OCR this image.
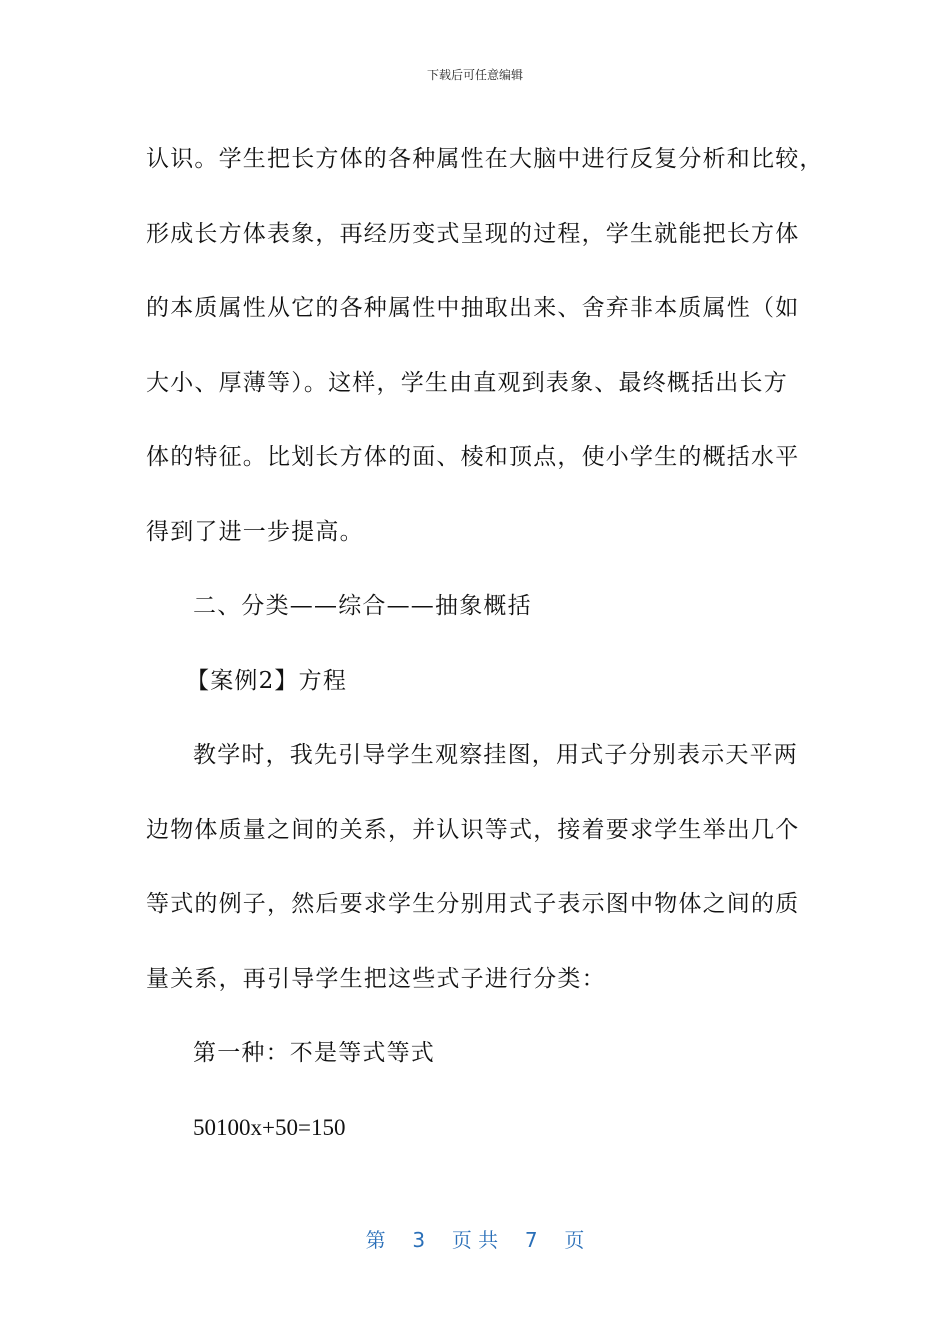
下载后可任意编辑
认识。学生把长方体的各种属性在大脑中进行反复分析和比较，
形成长方体表象，再经历变式呈现的过程，学生就能把长方体
的本质属性从它的各种属性中抽取出来、舍弃非本质属性（如
大小、厚薄等）。这样，学生由直观到表象、最终概括出长方
体的特征。比划长方体的面、棱和顶点，使小学生的概括水平
得到了进一步提高。
二、分类——综合——抽象概括
【案例2】方程
教学时，我先引导学生观察挂图，用式子分别表示天平两
边物体质量之间的关系，并认识等式，接着要求学生举出几个
等式的例子，然后要求学生分别用式子表示图中物体之间的质
量关系，再引导学生把这些式子进行分类：
第一种：不是等式等式
50100x+50=150
第 3 页 共 7 页
